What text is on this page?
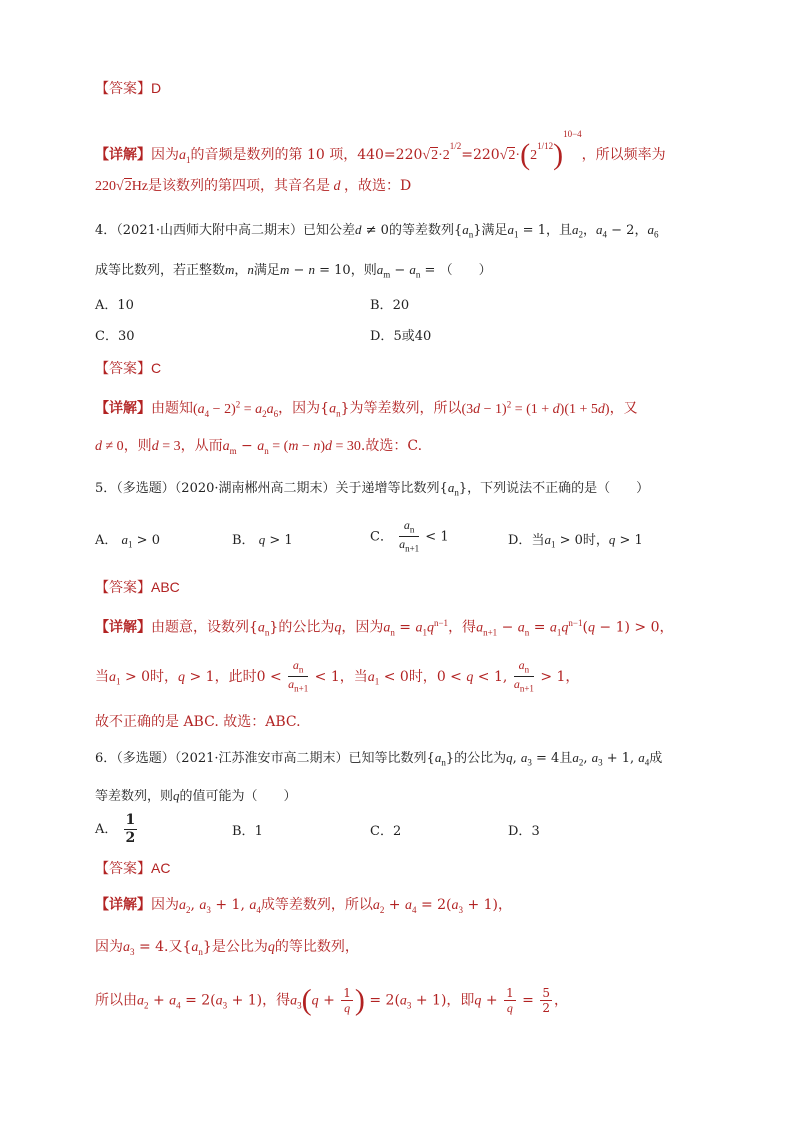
【答案】D
【详解】因为$a_1$的音频是数列的第 10 项，$440=220√2\cdot 2^{1/2}=220√2\cdot(2^{1/12})^{10-4}$，所以频率为
220√2Hz是该数列的第四项，其音名是 d ，故选：D
4．（2021·山西师大附中高二期末）已知公差d ≠ 0的等差数列$\{a_n\}$满足$a_1 = 1$，且$a_2$，$a_4 - 2$，$a_6$
成等比数列，若正整数m，n满足m − n = 10，则$a_m - a_n$ = （　　）
A．10	B．20
C．30	D．5或40
【答案】C
【详解】由题知$(a_4 - 2)^2 = a_2a_6$，因为$\{a_n\}$为等差数列，所以$(3d - 1)^2 = (1 + d)(1 + 5d)$，又
d ≠ 0，则d = 3，从而$a_m - a_n = (m - n)d = 30$.故选：C.
5．（多选题）（2020·湖南郴州高二期末）关于递增等比数列$\{a_n\}$，下列说法不正确的是（　　）
A． $a_1 > 0$	B． q > 1	C． $\frac{a_n}{a_{n+1}} < 1$	D．当$a_1 > 0$时，q > 1
【答案】ABC
【详解】由题意，设数列$\{a_n\}$的公比为q，因为$a_n = a_1q^{n-1}$，得$a_{n+1} - a_n = a_1q^{n-1}(q - 1) > 0$，
当$a_1 > 0$时，q > 1，此时$0 < \frac{a_n}{a_{n+1}} < 1$，当$a_1 < 0$时，0 < q < 1, $\frac{a_n}{a_{n+1}} > 1$，
故不正确的是 ABC. 故选：ABC.
6．（多选题）（2021·江苏淮安市高二期末）已知等比数列$\{a_n\}$的公比为q, $a_3 = 4$且$a_2$, $a_3 + 1$, $a_4$成
等差数列，则q的值可能为（　　）
A． $\frac{1}{2}$	B．1	C．2	D．3
【答案】AC
【详解】因为$a_2$, $a_3 + 1$, $a_4$成等差数列，所以$a_2 + a_4 = 2(a_3 + 1)$，
因为$a_3 = 4$.又$\{a_n\}$是公比为q的等比数列，
所以由$a_2 + a_4 = 2(a_3 + 1)$，得$a_3(q + \frac{1}{q}$ ) = $2(a_3 + 1)$，即$q + \frac{1}{q} = \frac{5}{2}$ ，
